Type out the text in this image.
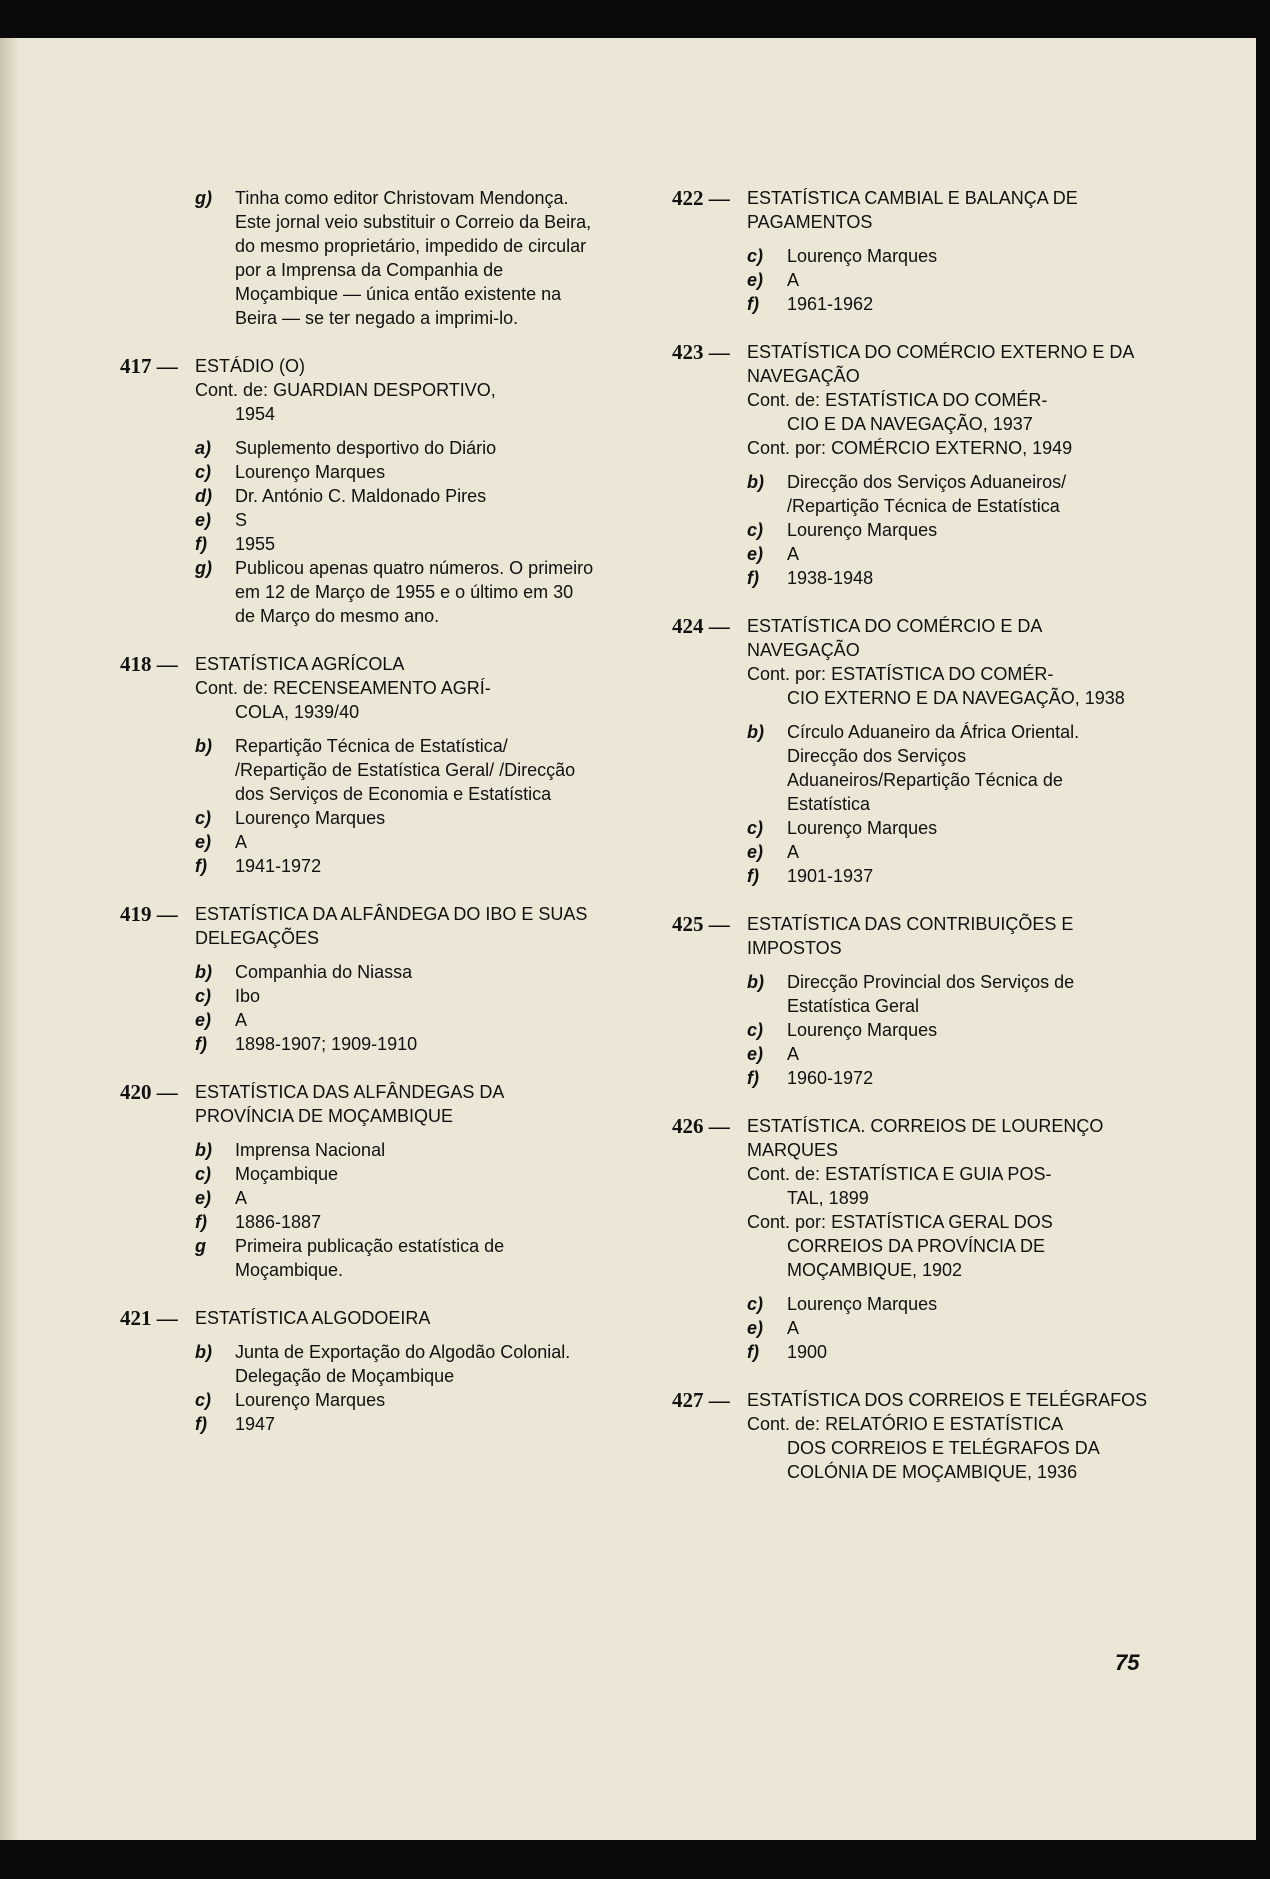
g) Tinha como editor Christovam Mendonça. Este jornal veio substituir o Correio da Beira, do mesmo proprietário, impedido de circular por a Imprensa da Companhia de Moçambique — única então existente na Beira — se ter negado a imprimi-lo.
417 — ESTÁDIO (O)
Cont. de: GUARDIAN DESPORTIVO,
1954
a) Suplemento desportivo do Diário
c) Lourenço Marques
d) Dr. António C. Maldonado Pires
e) S
f) 1955
g) Publicou apenas quatro números. O primeiro em 12 de Março de 1955 e o último em 30 de Março do mesmo ano.
418 — ESTATÍSTICA AGRÍCOLA
Cont. de: RECENSEAMENTO AGRÍ-
COLA, 1939/40
b) Repartição Técnica de Estatística/ /Repartição de Estatística Geral/ /Direcção dos Serviços de Economia e Estatística
c) Lourenço Marques
e) A
f) 1941-1972
419 — ESTATÍSTICA DA ALFÂNDEGA DO IBO E SUAS DELEGAÇÕES
b) Companhia do Niassa
c) Ibo
e) A
f) 1898-1907; 1909-1910
420 — ESTATÍSTICA DAS ALFÂNDEGAS DA PROVÍNCIA DE MOÇAMBIQUE
b) Imprensa Nacional
c) Moçambique
e) A
f) 1886-1887
g Primeira publicação estatística de Moçambique.
421 — ESTATÍSTICA ALGODOEIRA
b) Junta de Exportação do Algodão Colonial. Delegação de Moçambique
c) Lourenço Marques
f) 1947
422 — ESTATÍSTICA CAMBIAL E BALANÇA DE PAGAMENTOS
c) Lourenço Marques
e) A
f) 1961-1962
423 — ESTATÍSTICA DO COMÉRCIO EXTERNO E DA NAVEGAÇÃO
Cont. de: ESTATÍSTICA DO COMÉR-
CIO E DA NAVEGAÇÃO, 1937
Cont. por: COMÉRCIO EXTERNO, 1949
b) Direcção dos Serviços Aduaneiros/ /Repartição Técnica de Estatística
c) Lourenço Marques
e) A
f) 1938-1948
424 — ESTATÍSTICA DO COMÉRCIO E DA NAVEGAÇÃO
Cont. por: ESTATÍSTICA DO COMÉR-
CIO EXTERNO E DA NAVEGAÇÃO, 1938
b) Círculo Aduaneiro da África Oriental. Direcção dos Serviços Aduaneiros/Repartição Técnica de Estatística
c) Lourenço Marques
e) A
f) 1901-1937
425 — ESTATÍSTICA DAS CONTRIBUIÇÕES E IMPOSTOS
b) Direcção Provincial dos Serviços de Estatística Geral
c) Lourenço Marques
e) A
f) 1960-1972
426 — ESTATÍSTICA. CORREIOS DE LOURENÇO MARQUES
Cont. de: ESTATÍSTICA E GUIA POS-
TAL, 1899
Cont. por: ESTATÍSTICA GERAL DOS
CORREIOS DA PROVÍNCIA DE MOÇAMBIQUE, 1902
c) Lourenço Marques
e) A
f) 1900
427 — ESTATÍSTICA DOS CORREIOS E TELÉGRAFOS
Cont. de: RELATÓRIO E ESTATÍSTICA
DOS CORREIOS E TELÉGRAFOS DA COLÓNIA DE MOÇAMBIQUE, 1936
75
